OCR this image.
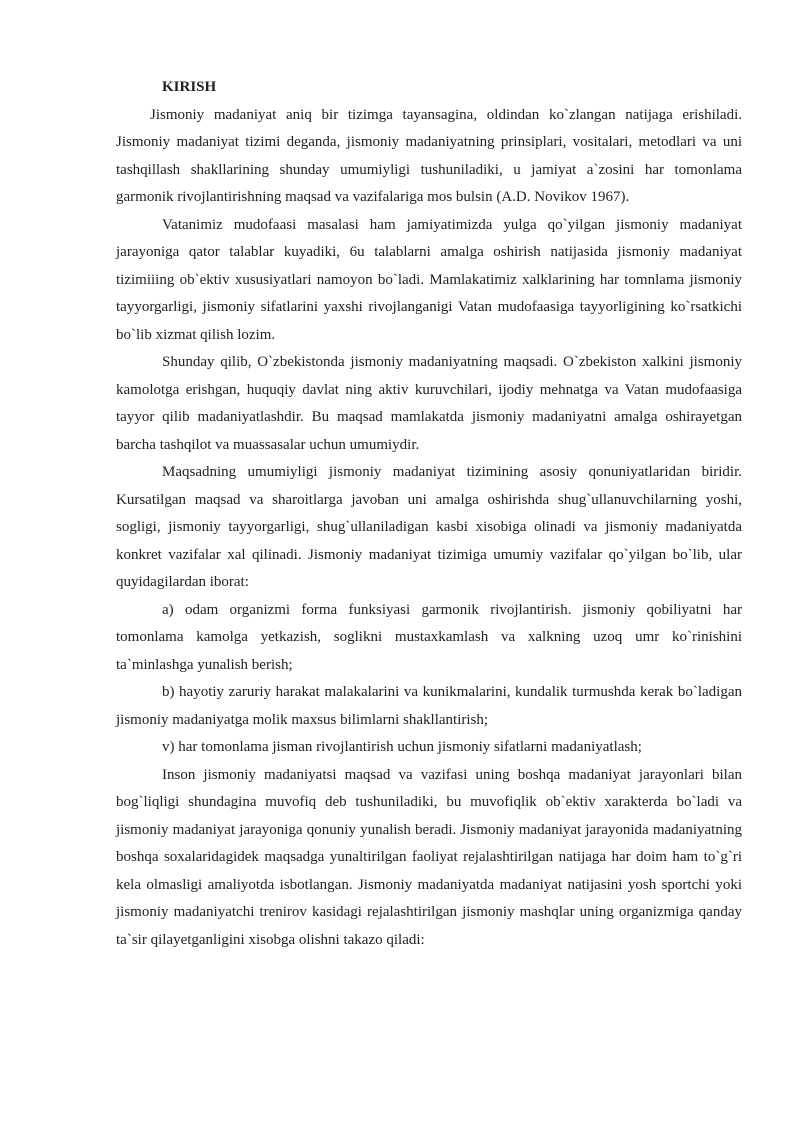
KIRISH

Jismoniy madaniyat aniq bir tizimga tayansagina, oldindan ko`zlangan natijaga erishiladi. Jismoniy madaniyat tizimi deganda, jismoniy madaniyatning prinsiplari, vositalari, metodlari va uni tashqillash shakllarining shunday umumiyligi tushuniladiki, u jamiyat a`zosini har tomonlama garmonik rivojlantirishning maqsad va vazifalariga mos bulsin (A.D. Novikov 1967).

Vatanimiz mudofaasi masalasi ham jamiyatimizda yulga qo`yilgan jismoniy madaniyat jarayoniga qator talablar kuyadiki, 6u talablarni amalga oshirish natijasida jismoniy madaniyat tizimiiing ob`ektiv xususiyatlari namoyon bo`ladi. Mamlakatimiz xalklarining har tomnlama jismoniy tayyorgarligi, jismoniy sifatlarini yaxshi rivojlanganigi Vatan mudofaasiga tayyorligining ko`rsatkichi bo`lib xizmat qilish lozim.

Shunday qilib, O`zbekistonda jismoniy madaniyatning maqsadi. O`zbekiston xalkini jismoniy kamolotga erishgan, huquqiy davlat ning aktiv kuruvchilari, ijodiy mehnatga va Vatan mudofaasiga tayyor qilib madaniyatlashdir. Bu maqsad mamlakatda jismoniy madaniyatni amalga oshirayetgan barcha tashqilot va muassasalar uchun umumiydir.

Maqsadning umumiyligi jismoniy madaniyat tizimining asosiy qonuniyatlaridan biridir. Kursatilgan maqsad va sharoitlarga javoban uni amalga oshirishda shug`ullanuvchilarning yoshi, sogligi, jismoniy tayyorgarligi, shug`ullaniladigan kasbi xisobiga olinadi va jismoniy madaniyatda konkret vazifalar xal qilinadi. Jismoniy madaniyat tizimiga umumiy vazifalar qo`yilgan bo`lib, ular quyidagilardan iborat:

a) odam organizmi forma funksiyasi garmonik rivojlantirish. jismoniy qobiliyatni har tomonlama kamolga yetkazish, soglikni mustaxkamlash va xalkning uzoq umr ko`rinishini ta`minlashga yunalish berish;

b) hayotiy zaruriy harakat malakalarini va kunikmalarini, kundalik turmushda kerak bo`ladigan jismoniy madaniyatga molik maxsus bilimlarni shakllantirish;

v) har tomonlama jisman rivojlantirish uchun jismoniy sifatlarni madaniyatlash;

Inson jismoniy madaniyatsi maqsad va vazifasi uning boshqa madaniyat jarayonlari bilan bog`liqligi shundagina muvofiq deb tushuniladiki, bu muvofiqlik ob`ektiv xarakterda bo`ladi va jismoniy madaniyat jarayoniga qonuniy yunalish beradi. Jismoniy madaniyat jarayonida madaniyatning boshqa soxalaridagidek maqsadga yunaltirilgan faoliyat rejalashtirilgan natijaga har doim ham to`g`ri kela olmasligi amaliyotda isbotlangan. Jismoniy madaniyatda madaniyat natijasini yosh sportchi yoki jismoniy madaniyatchi trenirov kasidagi rejalashtirilgan jismoniy mashqlar uning organizmiga qanday ta`sir qilayetganligini xisobga olishni takazo qiladi:
